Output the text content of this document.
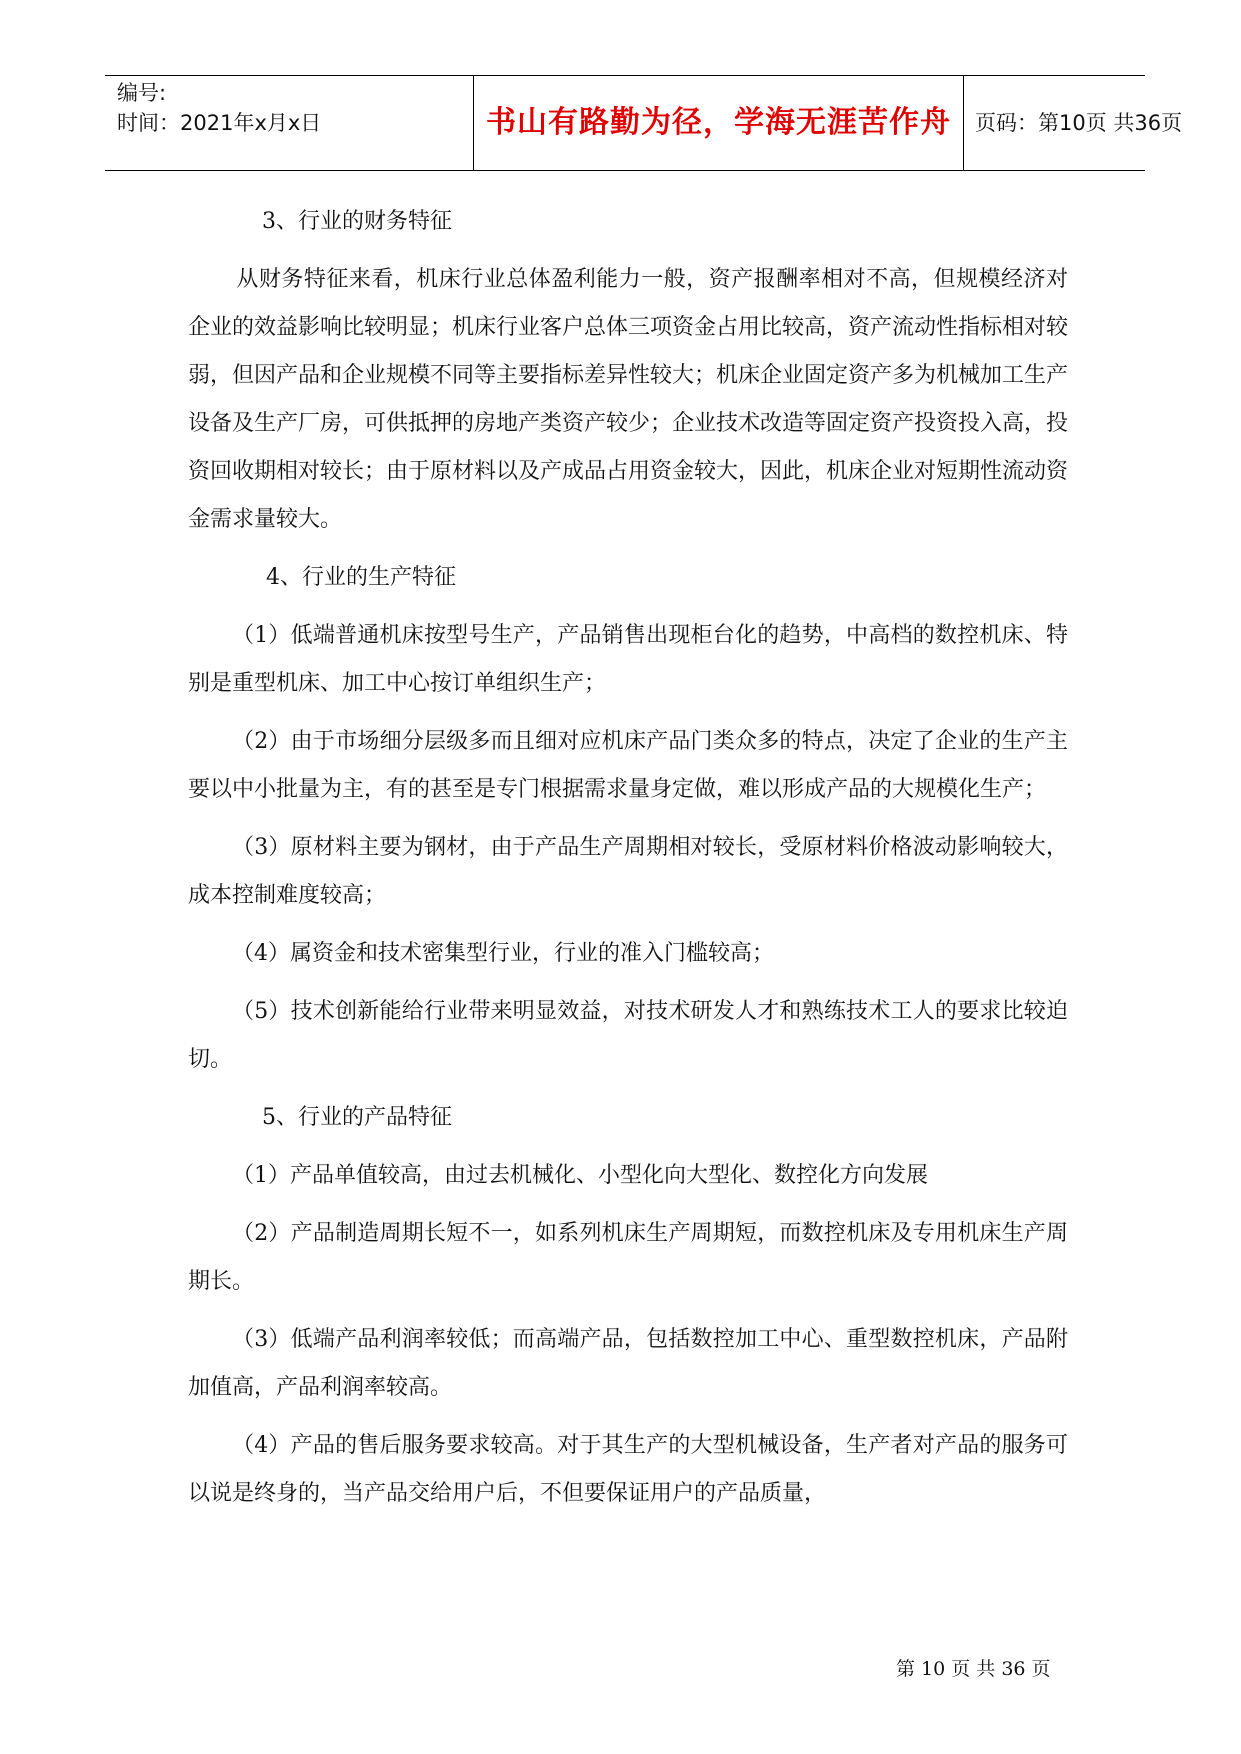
编号:
时间：2021年x月x日	书山有路勤为径，学海无涯苦作舟	页码：第10页 共36页
3、行业的财务特征

从财务特征来看，机床行业总体盈利能力一般，资产报酬率相对不高，但规模经济对企业的效益影响比较明显；机床行业客户总体三项资金占用比较高，资产流动性指标相对较弱，但因产品和企业规模不同等主要指标差异性较大；机床企业固定资产多为机械加工生产设备及生产厂房，可供抵押的房地产类资产较少；企业技术改造等固定资产投资投入高，投资回收期相对较长；由于原材料以及产成品占用资金较大，因此，机床企业对短期性流动资金需求量较大。

4、行业的生产特征

（1）低端普通机床按型号生产，产品销售出现柜台化的趋势，中高档的数控机床、特别是重型机床、加工中心按订单组织生产；

（2）由于市场细分层级多而且细对应机床产品门类众多的特点，决定了企业的生产主要以中小批量为主，有的甚至是专门根据需求量身定做，难以形成产品的大规模化生产；

（3）原材料主要为钢材，由于产品生产周期相对较长，受原材料价格波动影响较大，成本控制难度较高；

（4）属资金和技术密集型行业，行业的准入门槛较高；

（5）技术创新能给行业带来明显效益，对技术研发人才和熟练技术工人的要求比较迫切。

5、行业的产品特征

（1）产品单值较高，由过去机械化、小型化向大型化、数控化方向发展

（2）产品制造周期长短不一，如系列机床生产周期短，而数控机床及专用机床生产周期长。

（3）低端产品利润率较低；而高端产品，包括数控加工中心、重型数控机床，产品附加值高，产品利润率较高。

（4）产品的售后服务要求较高。对于其生产的大型机械设备，生产者对产品的服务可以说是终身的，当产品交给用户后，不但要保证用户的产品质量，

第 10 页 共 36 页
